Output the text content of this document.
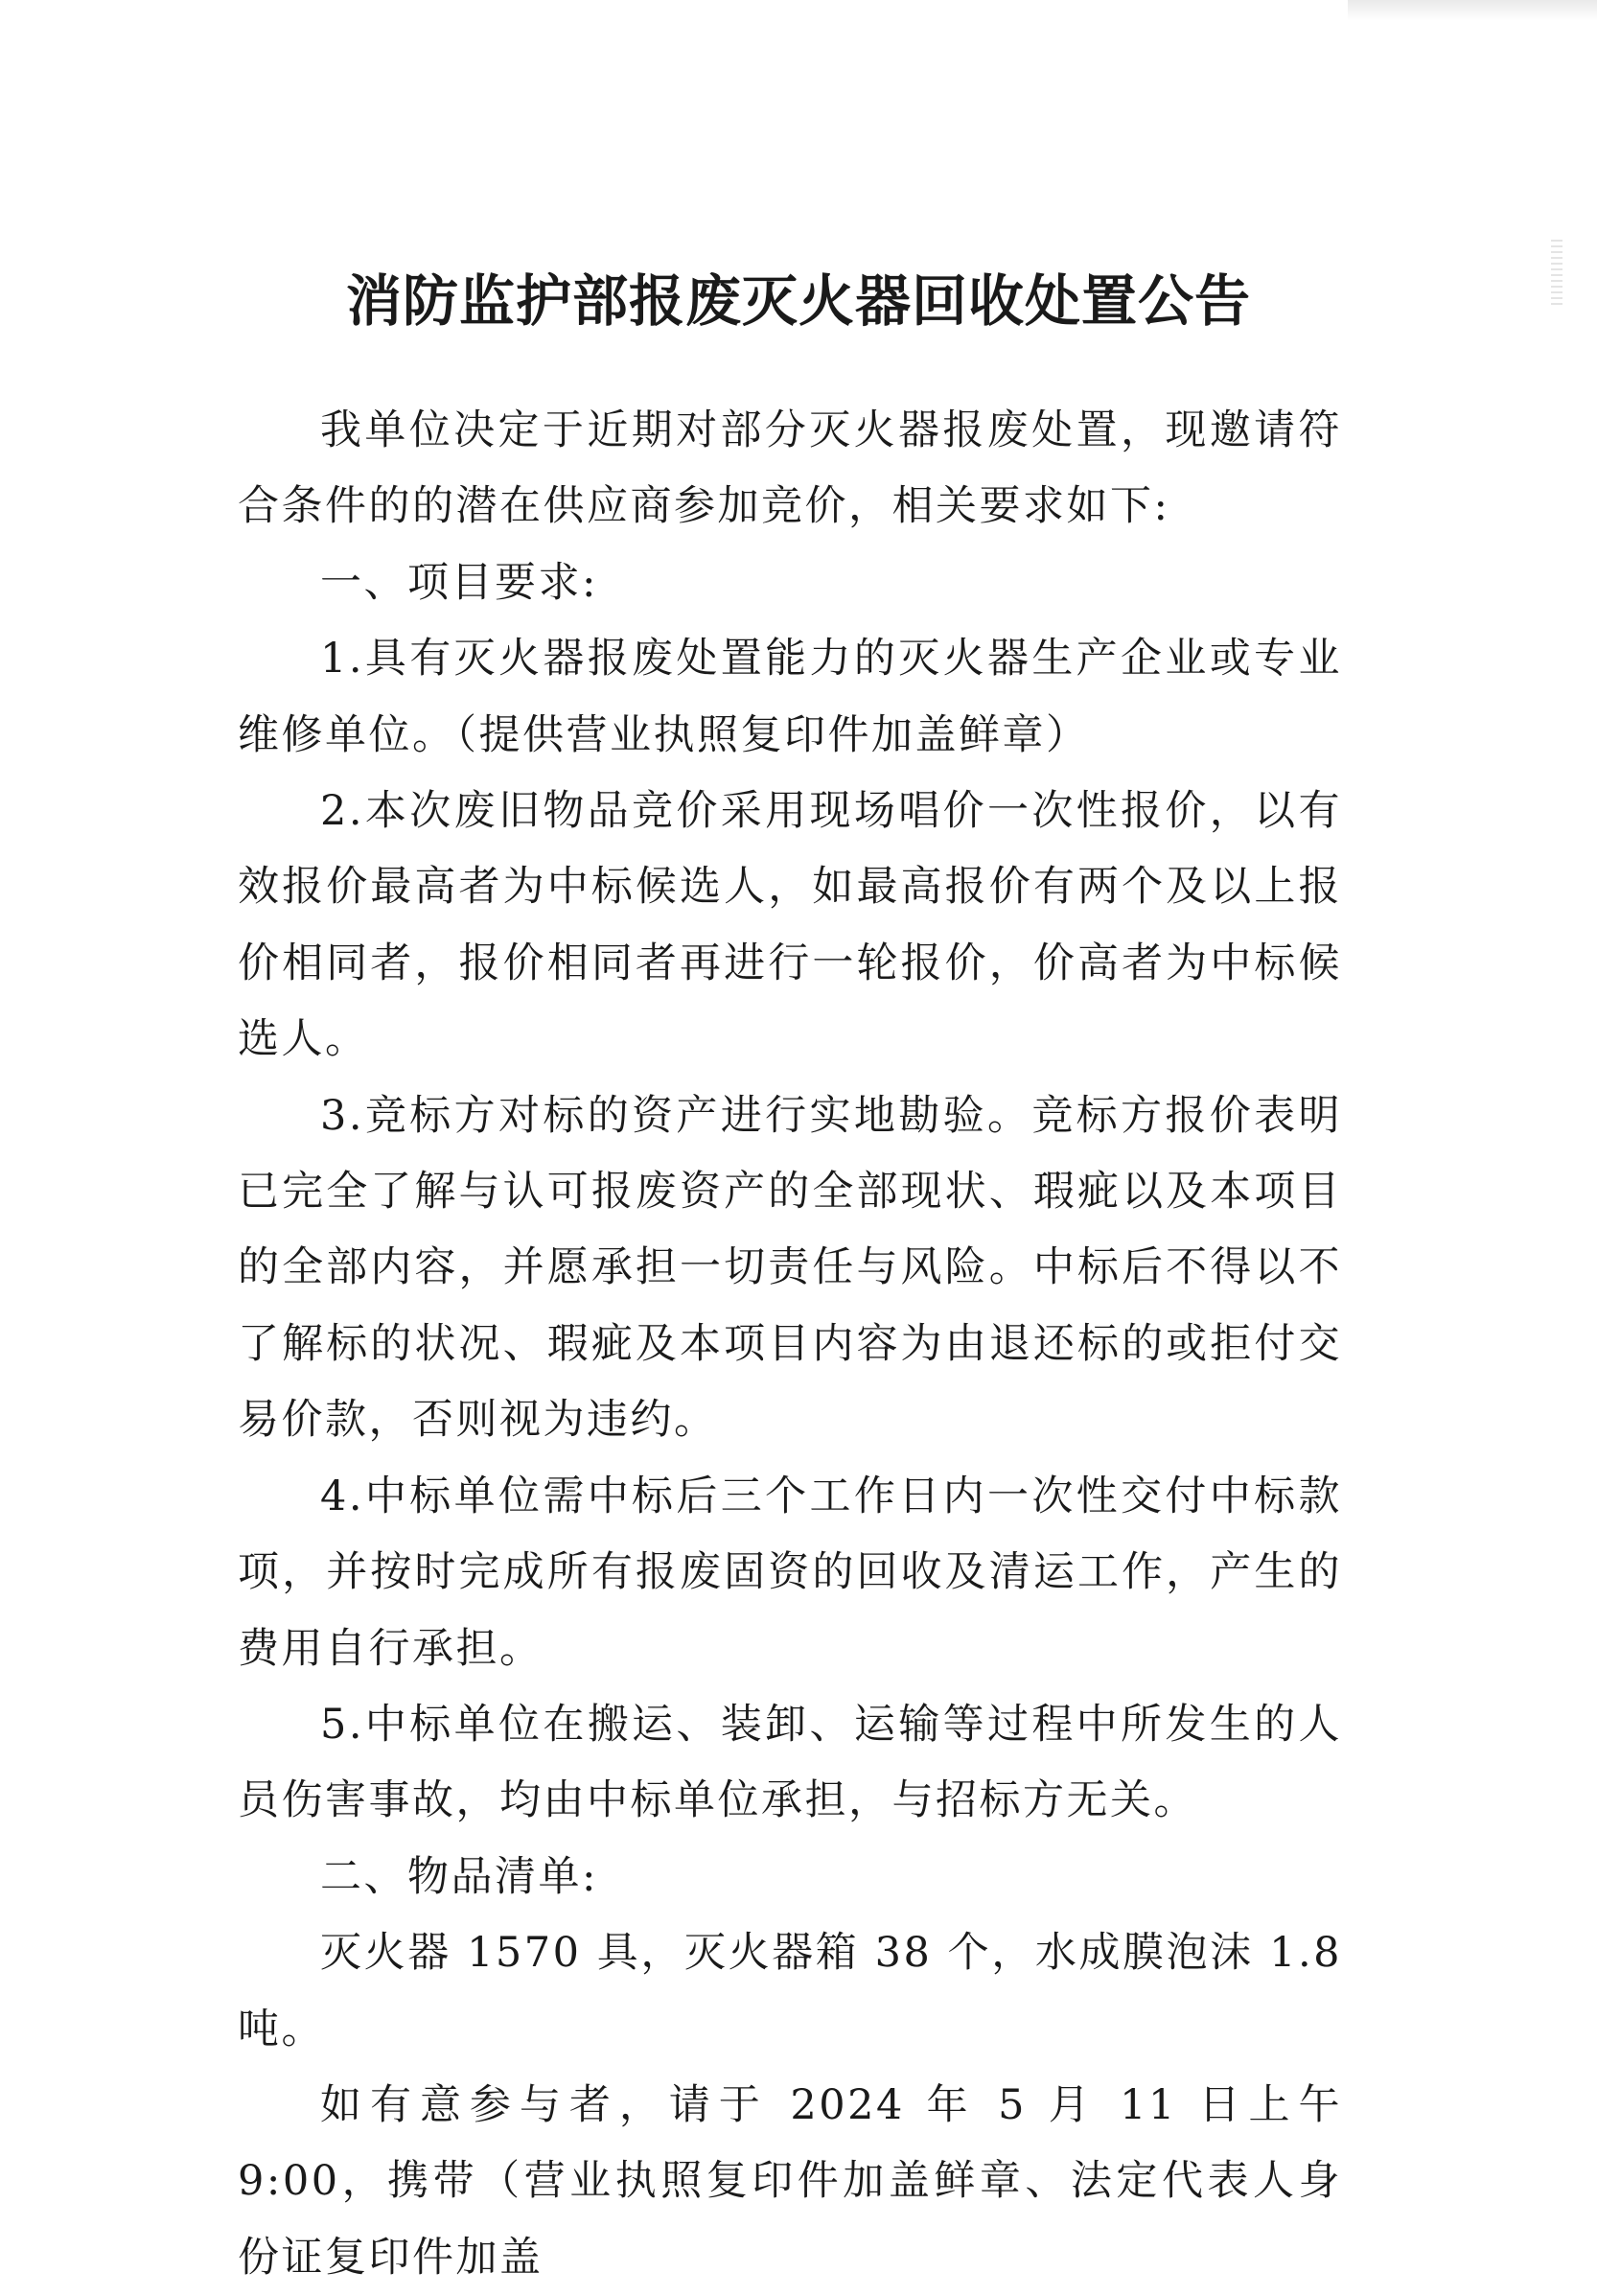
消防监护部报废灭火器回收处置公告

我单位决定于近期对部分灭火器报废处置，现邀请符合条件的的潜在供应商参加竞价，相关要求如下:

一、项目要求:

1.具有灭火器报废处置能力的灭火器生产企业或专业维修单位。（提供营业执照复印件加盖鲜章）

2.本次废旧物品竞价采用现场唱价一次性报价，以有效报价最高者为中标候选人，如最高报价有两个及以上报价相同者，报价相同者再进行一轮报价，价高者为中标候选人。

3.竞标方对标的资产进行实地勘验。竞标方报价表明已完全了解与认可报废资产的全部现状、瑕疵以及本项目的全部内容，并愿承担一切责任与风险。中标后不得以不了解标的状况、瑕疵及本项目内容为由退还标的或拒付交易价款，否则视为违约。

4.中标单位需中标后三个工作日内一次性交付中标款项，并按时完成所有报废固资的回收及清运工作，产生的费用自行承担。

5.中标单位在搬运、装卸、运输等过程中所发生的人员伤害事故，均由中标单位承担，与招标方无关。

二、物品清单:

灭火器 1570 具，灭火器箱 38 个，水成膜泡沫 1.8 吨。

如有意参与者，请于 2024 年 5 月 11 日上午 9:00，携带（营业执照复印件加盖鲜章、法定代表人身份证复印件加盖
